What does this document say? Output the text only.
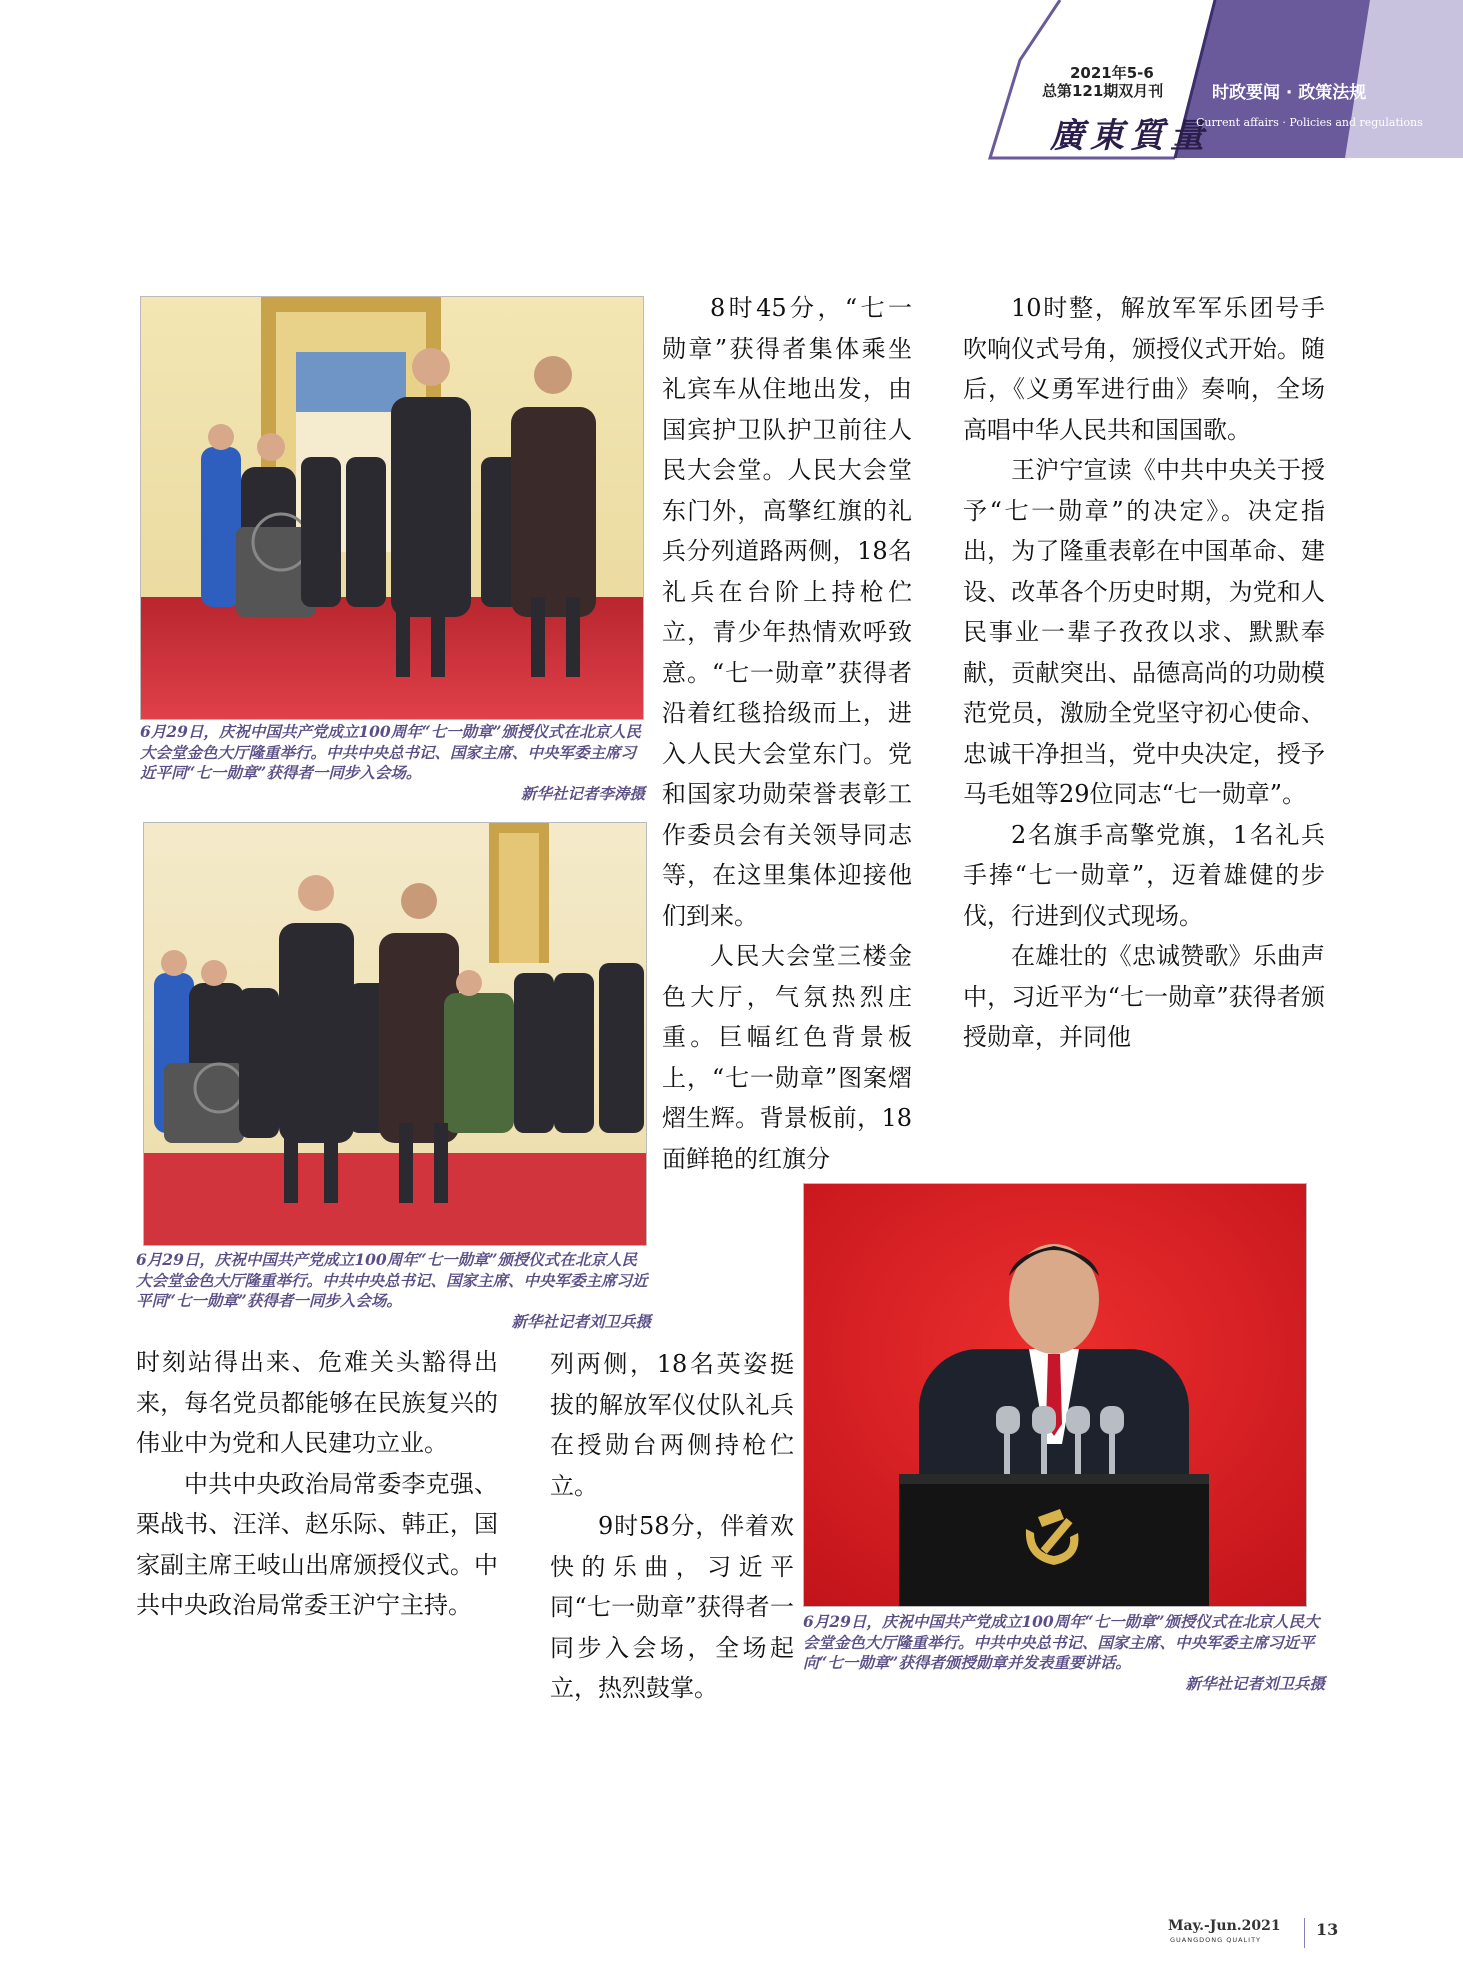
2021年5-6
总第121期双月刊
廣東質量
时政要闻 · 政策法规
Current affairs · Policies and regulations
6月29日，庆祝中国共产党成立100周年“七一勋章”颁授仪式在北京人民大会堂金色大厅隆重举行。中共中央总书记、国家主席、中央军委主席习近平同“七一勋章”获得者一同步入会场。
新华社记者李涛摄
6月29日，庆祝中国共产党成立100周年“七一勋章”颁授仪式在北京人民大会堂金色大厅隆重举行。中共中央总书记、国家主席、中央军委主席习近平同“七一勋章”获得者一同步入会场。
新华社记者刘卫兵摄
6月29日，庆祝中国共产党成立100周年“七一勋章”颁授仪式在北京人民大会堂金色大厅隆重举行。中共中央总书记、国家主席、中央军委主席习近平向“七一勋章”获得者颁授勋章并发表重要讲话。
新华社记者刘卫兵摄

8时45分，“七一勋章”获得者集体乘坐礼宾车从住地出发，由国宾护卫队护卫前往人民大会堂。人民大会堂东门外，高擎红旗的礼兵分列道路两侧，18名礼兵在台阶上持枪伫立，青少年热情欢呼致意。“七一勋章”获得者沿着红毯拾级而上，进入人民大会堂东门。党和国家功勋荣誉表彰工作委员会有关领导同志等，在这里集体迎接他们到来。

人民大会堂三楼金色大厅，气氛热烈庄重。巨幅红色背景板上，“七一勋章”图案熠熠生辉。背景板前，18面鲜艳的红旗分

列两侧，18名英姿挺拔的解放军仪仗队礼兵在授勋台两侧持枪伫立。

9时58分，伴着欢快的乐曲，习近平同“七一勋章”获得者一同步入会场，全场起立，热烈鼓掌。

10时整，解放军军乐团号手吹响仪式号角，颁授仪式开始。随后，《义勇军进行曲》奏响，全场高唱中华人民共和国国歌。

王沪宁宣读《中共中央关于授予“七一勋章”的决定》。决定指出，为了隆重表彰在中国革命、建设、改革各个历史时期，为党和人民事业一辈子孜孜以求、默默奉献，贡献突出、品德高尚的功勋模范党员，激励全党坚守初心使命、忠诚干净担当，党中央决定，授予马毛姐等29位同志“七一勋章”。

2名旗手高擎党旗，1名礼兵手捧“七一勋章”，迈着雄健的步伐，行进到仪式现场。

在雄壮的《忠诚赞歌》乐曲声中，习近平为“七一勋章”获得者颁授勋章，并同他

时刻站得出来、危难关头豁得出来，每名党员都能够在民族复兴的伟业中为党和人民建功立业。

中共中央政治局常委李克强、栗战书、汪洋、赵乐际、韩正，国家副主席王岐山出席颁授仪式。中共中央政治局常委王沪宁主持。

May.-Jun.2021
GUANGDONG QUALITY
13
